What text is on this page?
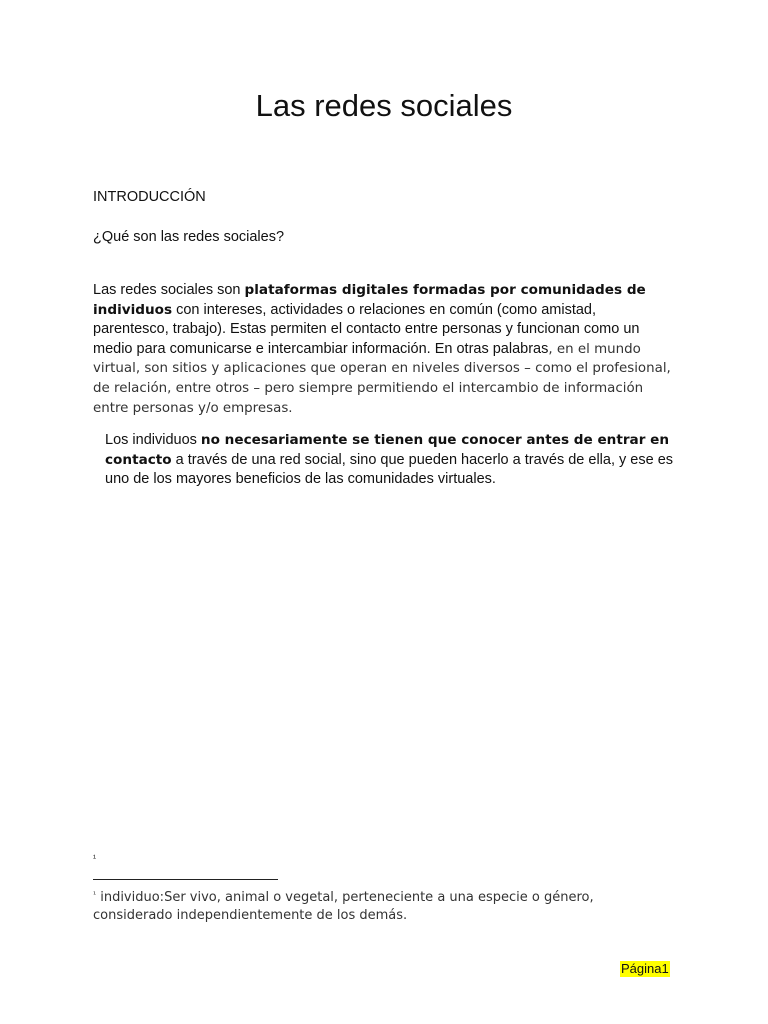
Las redes sociales

INTRODUCCIÓN

¿Qué son las redes sociales?

Las redes sociales son plataformas digitales formadas por comunidades de individuos con intereses, actividades o relaciones en común (como amistad, parentesco, trabajo). Estas permiten el contacto entre personas y funcionan como un medio para comunicarse e intercambiar información. En otras palabras, en el mundo virtual, son sitios y aplicaciones que operan en niveles diversos – como el profesional, de relación, entre otros – pero siempre permitiendo el intercambio de información entre personas y/o empresas.

Los individuos no necesariamente se tienen que conocer antes de entrar en contacto a través de una red social, sino que pueden hacerlo a través de ella, y ese es uno de los mayores beneficios de las comunidades virtuales.

¹

$^{^1}$ individuo:Ser vivo, animal o vegetal, perteneciente a una especie o género, considerado independientemente de los demás.

Página1
